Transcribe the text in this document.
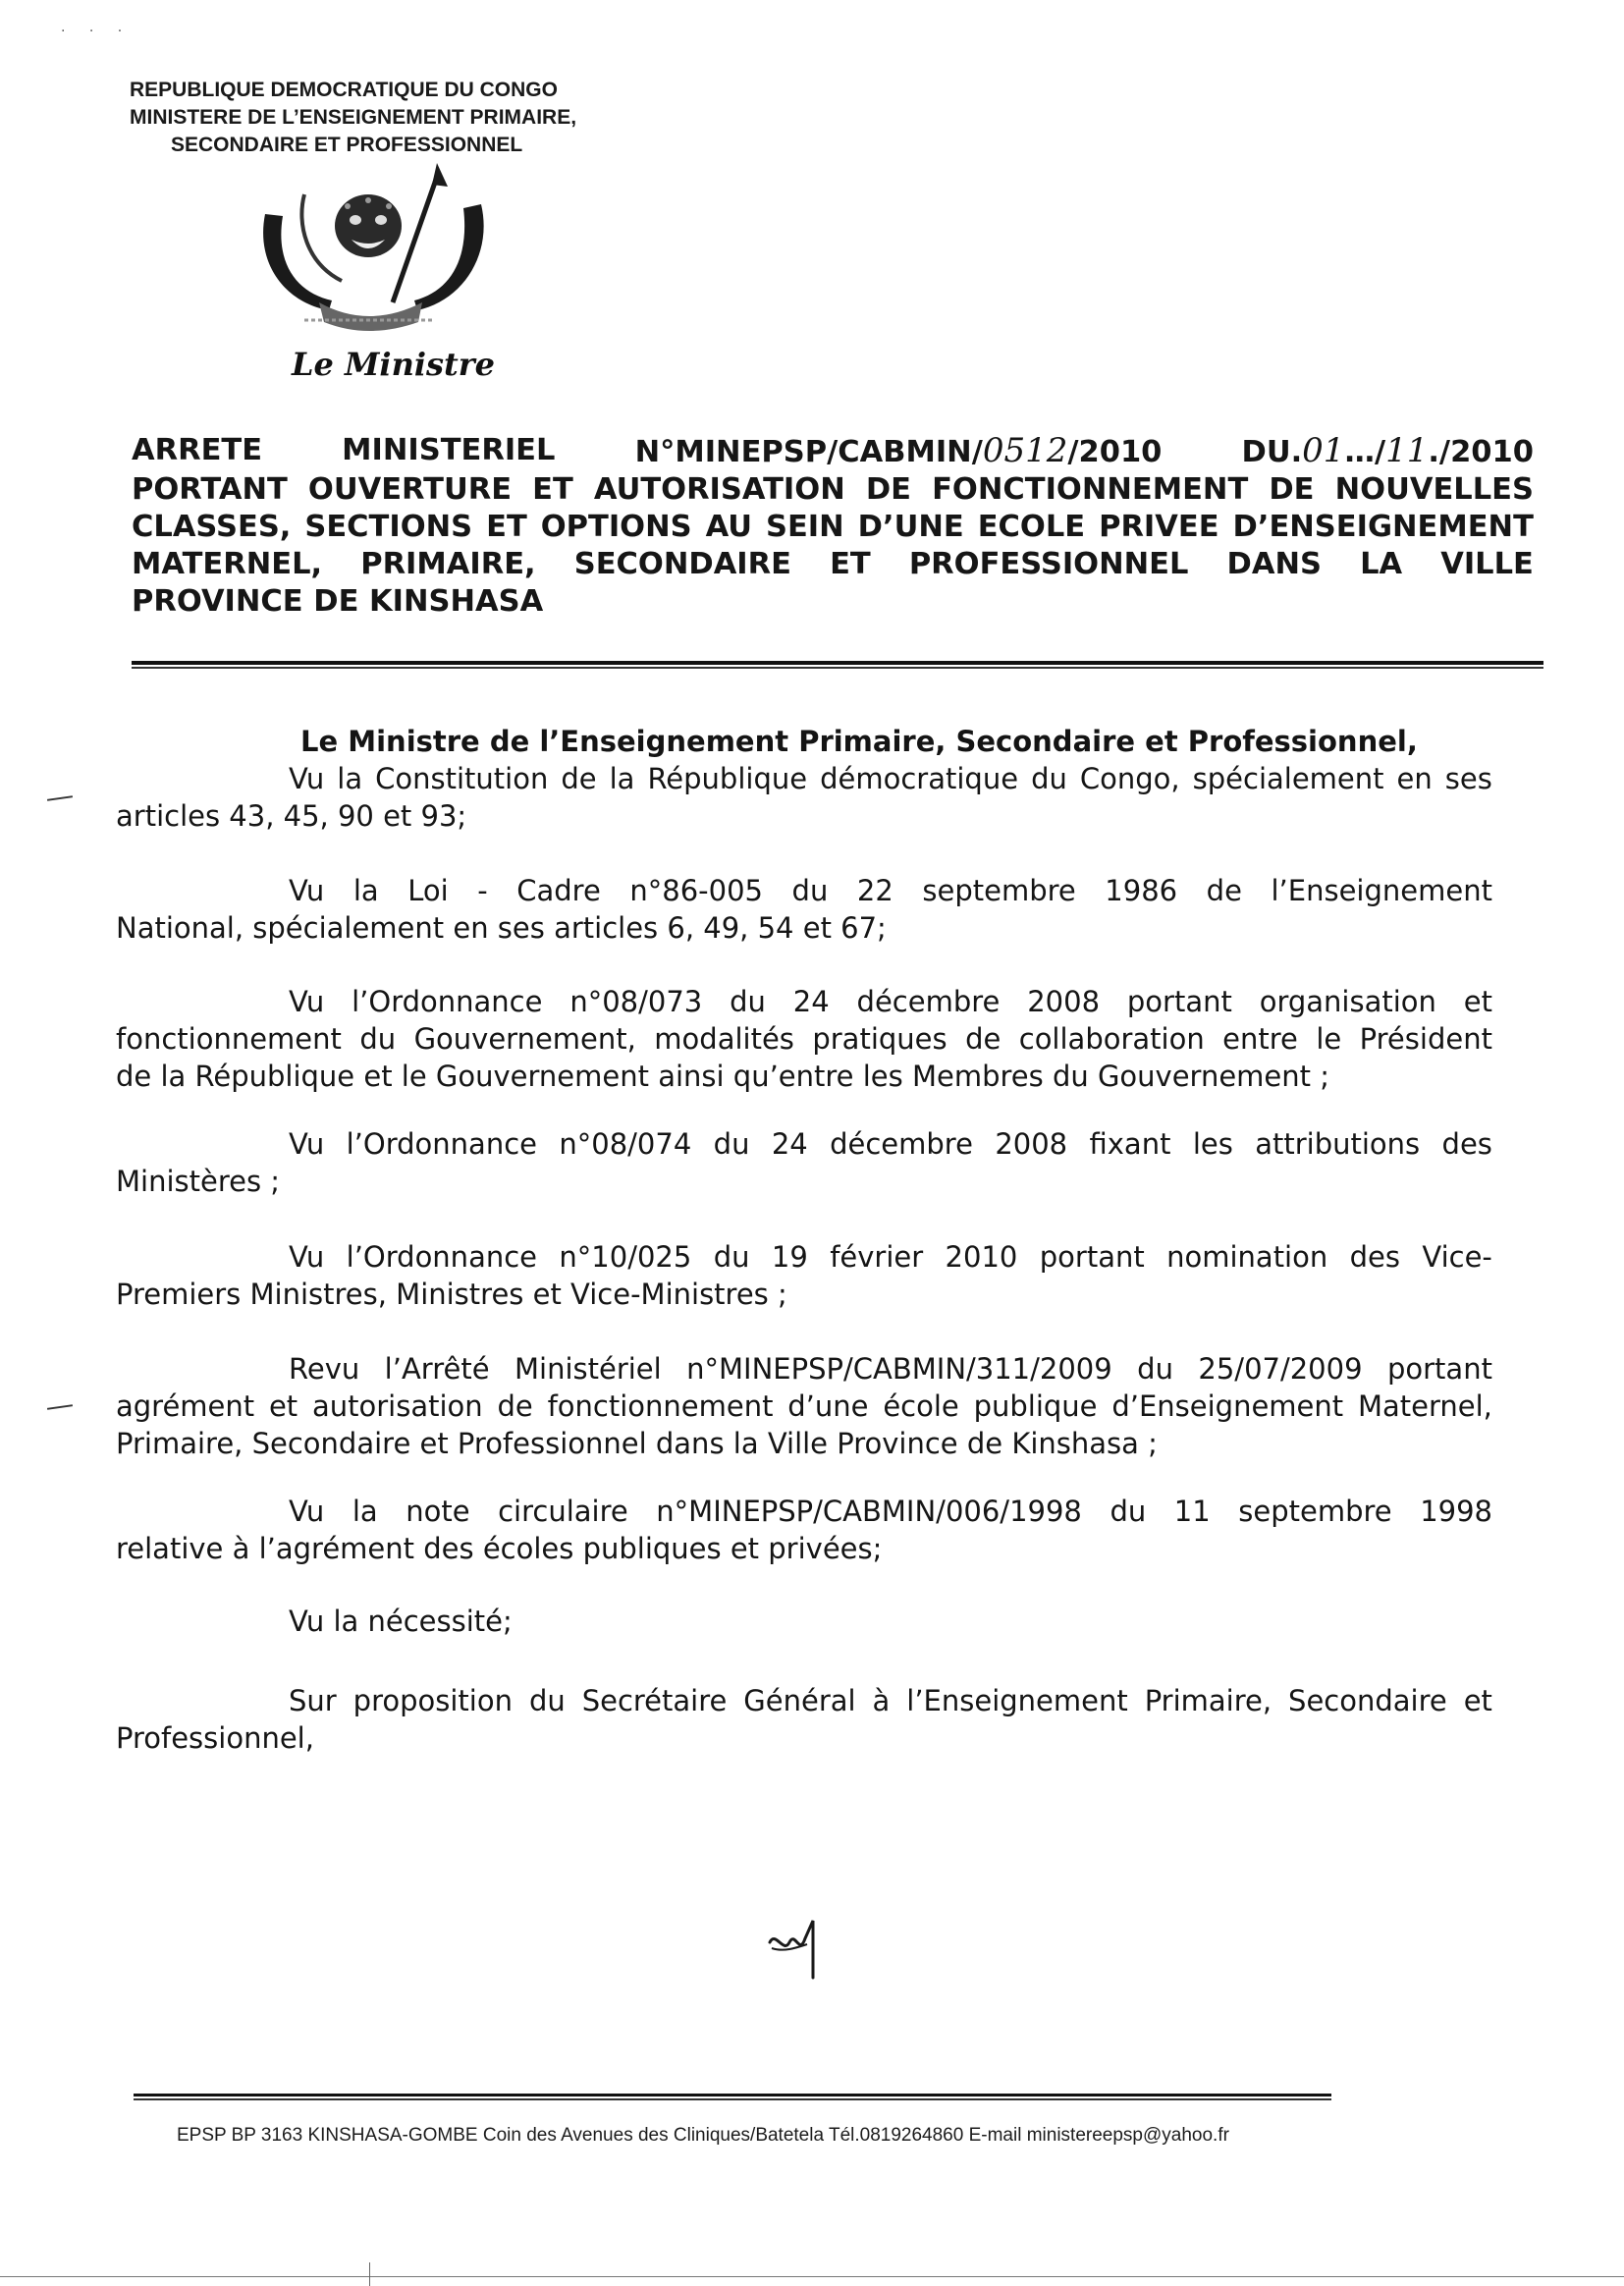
· · ·
REPUBLIQUE DEMOCRATIQUE DU CONGO
MINISTERE DE L’ENSEIGNEMENT PRIMAIRE,
SECONDAIRE ET PROFESSIONNEL
Le Ministre
ARRETE	MINISTERIEL	N°MINEPSP/CABMIN/0512/2010	DU.01…/11./2010
PORTANT OUVERTURE ET AUTORISATION DE FONCTIONNEMENT DE NOUVELLES
CLASSES, SECTIONS ET OPTIONS AU SEIN D’UNE ECOLE PRIVEE D’ENSEIGNEMENT
MATERNEL, PRIMAIRE, SECONDAIRE ET PROFESSIONNEL DANS LA VILLE
PROVINCE DE KINSHASA
Le Ministre de l’Enseignement Primaire, Secondaire et Professionnel,
Vu la Constitution de la République démocratique du Congo, spécialement en ses
articles 43, 45, 90 et 93;
Vu la Loi - Cadre n°86-005 du 22 septembre 1986 de l’Enseignement
National, spécialement en ses articles 6, 49, 54 et 67;
Vu l’Ordonnance n°08/073 du 24 décembre 2008 portant organisation et
fonctionnement du Gouvernement, modalités pratiques de collaboration entre le Président
de la République et le Gouvernement ainsi qu’entre les Membres du Gouvernement ;
Vu l’Ordonnance n°08/074 du 24 décembre 2008 fixant les attributions des
Ministères ;
Vu l’Ordonnance n°10/025 du 19 février 2010 portant nomination des Vice-
Premiers Ministres, Ministres et Vice-Ministres ;
Revu l’Arrêté Ministériel n°MINEPSP/CABMIN/311/2009 du 25/07/2009 portant
agrément et autorisation de fonctionnement d’une école publique d’Enseignement Maternel,
Primaire, Secondaire et Professionnel dans la Ville Province de Kinshasa ;
Vu la note circulaire n°MINEPSP/CABMIN/006/1998 du 11 septembre 1998
relative à l’agrément des écoles publiques et privées;
Vu la nécessité;
Sur proposition du Secrétaire Général à l’Enseignement Primaire, Secondaire et
Professionnel,
EPSP BP 3163 KINSHASA-GOMBE Coin des Avenues des Cliniques/Batetela Tél.0819264860 E-mail ministereepsp@yahoo.fr
